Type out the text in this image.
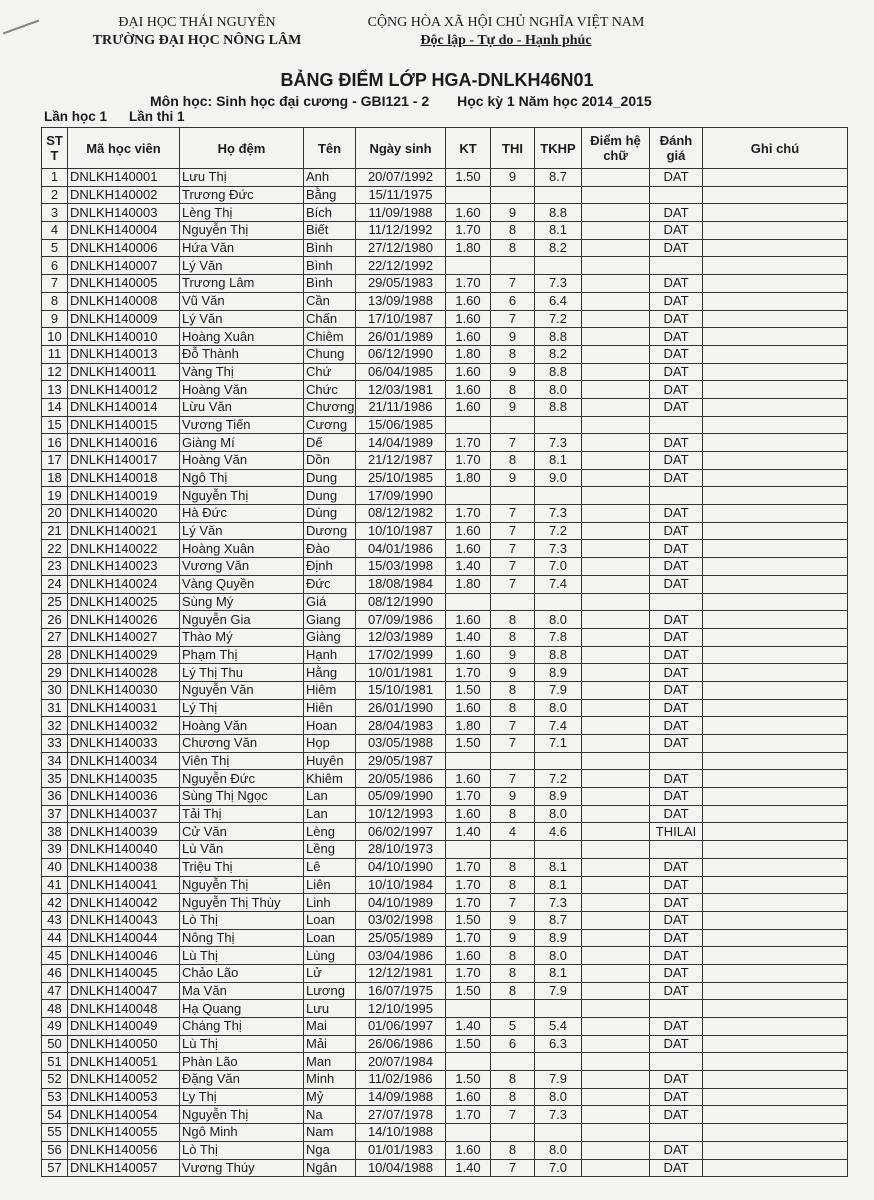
ĐẠI HỌC THÁI NGUYÊN
TRƯỜNG ĐẠI HỌC NÔNG LÂM
CỘNG HÒA XÃ HỘI CHỦ NGHĨA VIỆT NAM
Độc lập - Tự do - Hạnh phúc
BẢNG ĐIỂM LỚP HGA-DNLKH46N01
Môn học: Sinh học đại cương - GBI121 - 2 Học kỳ 1 Năm học 2014_2015
Lần học 1 Lần thi 1
ST T	Mã học viên	Họ đệm	Tên	Ngày sinh	KT	THI	TKHP	Điểm hệ chữ	Đánh giá	Ghi chú
1	DNLKH140001	Lưu Thị	Anh	20/07/1992	1.50	9	8.7		DAT	
2	DNLKH140002	Trương Đức	Bằng	15/11/1975						
3	DNLKH140003	Lèng Thị	Bích	11/09/1988	1.60	9	8.8		DAT	
4	DNLKH140004	Nguyễn Thị	Biết	11/12/1992	1.70	8	8.1		DAT	
5	DNLKH140006	Hứa Văn	Bình	27/12/1980	1.80	8	8.2		DAT	
6	DNLKH140007	Lý Văn	Bình	22/12/1992						
7	DNLKH140005	Trương Lâm	Bình	29/05/1983	1.70	7	7.3		DAT	
8	DNLKH140008	Vũ Văn	Cần	13/09/1988	1.60	6	6.4		DAT	
9	DNLKH140009	Lý Văn	Chấn	17/10/1987	1.60	7	7.2		DAT	
10	DNLKH140010	Hoàng Xuân	Chiêm	26/01/1989	1.60	9	8.8		DAT	
11	DNLKH140013	Đỗ Thành	Chung	06/12/1990	1.80	8	8.2		DAT	
12	DNLKH140011	Vàng Thị	Chứ	06/04/1985	1.60	9	8.8		DAT	
13	DNLKH140012	Hoàng Văn	Chức	12/03/1981	1.60	8	8.0		DAT	
14	DNLKH140014	Lừu Văn	Chương	21/11/1986	1.60	9	8.8		DAT	
15	DNLKH140015	Vương Tiến	Cương	15/06/1985						
16	DNLKH140016	Giàng Mí	Dế	14/04/1989	1.70	7	7.3		DAT	
17	DNLKH140017	Hoàng Văn	Dồn	21/12/1987	1.70	8	8.1		DAT	
18	DNLKH140018	Ngô Thị	Dung	25/10/1985	1.80	9	9.0		DAT	
19	DNLKH140019	Nguyễn Thị	Dung	17/09/1990						
20	DNLKH140020	Hà Đức	Dùng	08/12/1982	1.70	7	7.3		DAT	
21	DNLKH140021	Lý Văn	Dương	10/10/1987	1.60	7	7.2		DAT	
22	DNLKH140022	Hoàng Xuân	Đào	04/01/1986	1.60	7	7.3		DAT	
23	DNLKH140023	Vương Văn	Định	15/03/1998	1.40	7	7.0		DAT	
24	DNLKH140024	Vàng Quyền	Đức	18/08/1984	1.80	7	7.4		DAT	
25	DNLKH140025	Sùng Mý	Giá	08/12/1990						
26	DNLKH140026	Nguyễn Gia	Giang	07/09/1986	1.60	8	8.0		DAT	
27	DNLKH140027	Thào Mý	Giàng	12/03/1989	1.40	8	7.8		DAT	
28	DNLKH140029	Phạm Thị	Hạnh	17/02/1999	1.60	9	8.8		DAT	
29	DNLKH140028	Lý Thị Thu	Hằng	10/01/1981	1.70	9	8.9		DAT	
30	DNLKH140030	Nguyễn Văn	Hiêm	15/10/1981	1.50	8	7.9		DAT	
31	DNLKH140031	Lý Thị	Hiên	26/01/1990	1.60	8	8.0		DAT	
32	DNLKH140032	Hoàng Văn	Hoan	28/04/1983	1.80	7	7.4		DAT	
33	DNLKH140033	Chương Văn	Họp	03/05/1988	1.50	7	7.1		DAT	
34	DNLKH140034	Viên Thị	Huyên	29/05/1987						
35	DNLKH140035	Nguyễn Đức	Khiêm	20/05/1986	1.60	7	7.2		DAT	
36	DNLKH140036	Sùng Thị Ngọc	Lan	05/09/1990	1.70	9	8.9		DAT	
37	DNLKH140037	Tải Thị	Lan	10/12/1993	1.60	8	8.0		DAT	
38	DNLKH140039	Cử Văn	Lèng	06/02/1997	1.40	4	4.6		THILAI	
39	DNLKH140040	Lù Văn	Lềng	28/10/1973						
40	DNLKH140038	Triệu Thị	Lê	04/10/1990	1.70	8	8.1		DAT	
41	DNLKH140041	Nguyễn Thị	Liên	10/10/1984	1.70	8	8.1		DAT	
42	DNLKH140042	Nguyễn Thị Thùy	Linh	04/10/1989	1.70	7	7.3		DAT	
43	DNLKH140043	Lò Thị	Loan	03/02/1998	1.50	9	8.7		DAT	
44	DNLKH140044	Nông Thị	Loan	25/05/1989	1.70	9	8.9		DAT	
45	DNLKH140046	Lù Thị	Lùng	03/04/1986	1.60	8	8.0		DAT	
46	DNLKH140045	Chảo Lão	Lử	12/12/1981	1.70	8	8.1		DAT	
47	DNLKH140047	Ma Văn	Lương	16/07/1975	1.50	8	7.9		DAT	
48	DNLKH140048	Hạ Quang	Lưu	12/10/1995						
49	DNLKH140049	Cháng Thị	Mai	01/06/1997	1.40	5	5.4		DAT	
50	DNLKH140050	Lù Thị	Mải	26/06/1986	1.50	6	6.3		DAT	
51	DNLKH140051	Phàn Lão	Man	20/07/1984						
52	DNLKH140052	Đặng Văn	Minh	11/02/1986	1.50	8	7.9		DAT	
53	DNLKH140053	Ly Thị	Mỷ	14/09/1988	1.60	8	8.0		DAT	
54	DNLKH140054	Nguyễn Thị	Na	27/07/1978	1.70	7	7.3		DAT	
55	DNLKH140055	Ngô Minh	Nam	14/10/1988						
56	DNLKH140056	Lò Thị	Nga	01/01/1983	1.60	8	8.0		DAT	
57	DNLKH140057	Vương Thúy	Ngân	10/04/1988	1.40	7	7.0		DAT	
